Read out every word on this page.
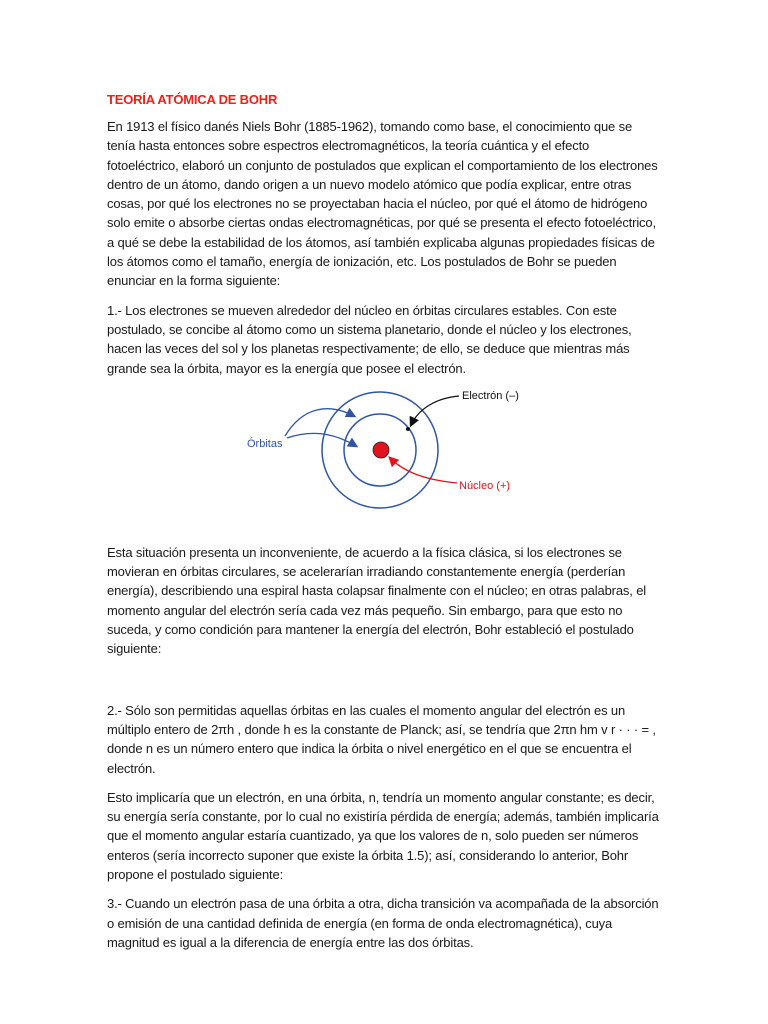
TEORÍA ATÓMICA DE BOHR

En 1913 el físico danés Niels Bohr (1885-1962), tomando como base, el conocimiento que se tenía hasta entonces sobre espectros electromagnéticos, la teoría cuántica y el efecto fotoeléctrico, elaboró un conjunto de postulados que explican el comportamiento de los electrones dentro de un átomo, dando origen a un nuevo modelo atómico que podía explicar, entre otras cosas, por qué los electrones no se proyectaban hacia el núcleo, por qué el átomo de hidrógeno solo emite o absorbe ciertas ondas electromagnéticas, por qué se presenta el efecto fotoeléctrico, a qué se debe la estabilidad de los átomos, así también explicaba algunas propiedades físicas de los átomos como el tamaño, energía de ionización, etc. Los postulados de Bohr se pueden enunciar en la forma siguiente:

1.- Los electrones se mueven alrededor del núcleo en órbitas circulares estables. Con este postulado, se concibe al átomo como un sistema planetario, donde el núcleo y los electrones, hacen las veces del sol y los planetas respectivamente; de ello, se deduce que mientras más grande sea la órbita, mayor es la energía que posee el electrón.

Órbitas
Electrón (–)
Núcleo (+)

Esta situación presenta un inconveniente, de acuerdo a la física clásica, si los electrones se movieran en órbitas circulares, se acelerarían irradiando constantemente energía (perderían energía), describiendo una espiral hasta colapsar finalmente con el núcleo; en otras palabras, el momento angular del electrón sería cada vez más pequeño. Sin embargo, para que esto no suceda, y como condición para mantener la energía del electrón, Bohr estableció el postulado siguiente:

2.- Sólo son permitidas aquellas órbitas en las cuales el momento angular del electrón es un múltiplo entero de 2πh , donde h es la constante de Planck; así, se tendría que 2πn hm v r · · · = , donde n es un número entero que indica la órbita o nivel energético en el que se encuentra el electrón.

Esto implicaría que un electrón, en una órbita, n, tendría un momento angular constante; es decir, su energía sería constante, por lo cual no existiría pérdida de energía; además, también implicaría que el momento angular estaría cuantizado, ya que los valores de n, solo pueden ser números enteros (sería incorrecto suponer que existe la órbita 1.5); así, considerando lo anterior, Bohr propone el postulado siguiente:

3.- Cuando un electrón pasa de una órbita a otra, dicha transición va acompañada de la absorción o emisión de una cantidad definida de energía (en forma de onda electromagnética), cuya magnitud es igual a la diferencia de energía entre las dos órbitas.
